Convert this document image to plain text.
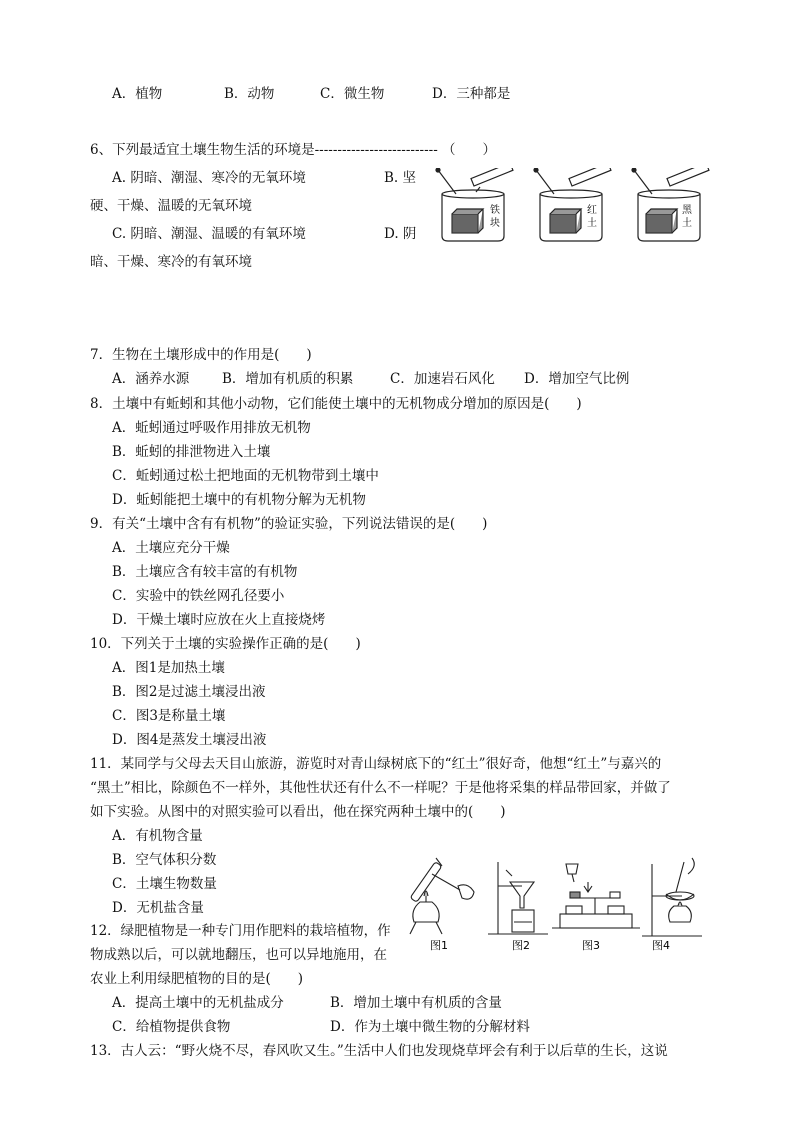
A．植物	B．动物	C．微生物	D．三种都是
6、下列最适宜土壤生物生活的环境是--------------------------- （　　）
A. 阴暗、潮湿、寒冷的无氧环境	B. 坚
硬、干燥、温暖的无氧环境
C. 阴暗、潮湿、温暖的有氧环境	D. 阴
暗、干燥、寒冷的有氧环境
铁
块
红
土
黑
土
7．生物在土壤形成中的作用是(　　)
A．涵养水源 B．增加有机质的积累	C．加速岩石风化 D．增加空气比例
8．土壤中有蚯蚓和其他小动物，它们能使土壤中的无机物成分增加的原因是(　　)
A．蚯蚓通过呼吸作用排放无机物
B．蚯蚓的排泄物进入土壤
C．蚯蚓通过松土把地面的无机物带到土壤中
D．蚯蚓能把土壤中的有机物分解为无机物
9．有关“土壤中含有有机物”的验证实验，下列说法错误的是(　　)
A．土壤应充分干燥
B．土壤应含有较丰富的有机物
C．实验中的铁丝网孔径要小
D．干燥土壤时应放在火上直接烧烤
10．下列关于土壤的实验操作正确的是(　　)
A．图1是加热土壤
B．图2是过滤土壤浸出液
C．图3是称量土壤
D．图4是蒸发土壤浸出液
11．某同学与父母去天目山旅游，游览时对青山绿树底下的“红土”很好奇，他想“红土”与嘉兴的
“黑土”相比，除颜色不一样外，其他性状还有什么不一样呢？于是他将采集的样品带回家，并做了
如下实验。从图中的对照实验可以看出，他在探究两种土壤中的(　　)
A．有机物含量
B．空气体积分数
C．土壤生物数量
D．无机盐含量
图1	图2	图3	图4
12．绿肥植物是一种专门用作肥料的栽培植物，作
物成熟以后，可以就地翻压，也可以异地施用，在
农业上利用绿肥植物的目的是(　　)
A．提高土壤中的无机盐成分	B．增加土壤中有机质的含量
C．给植物提供食物	D．作为土壤中微生物的分解材料
13．古人云：“野火烧不尽，春风吹又生。”生活中人们也发现烧草坪会有利于以后草的生长，这说
